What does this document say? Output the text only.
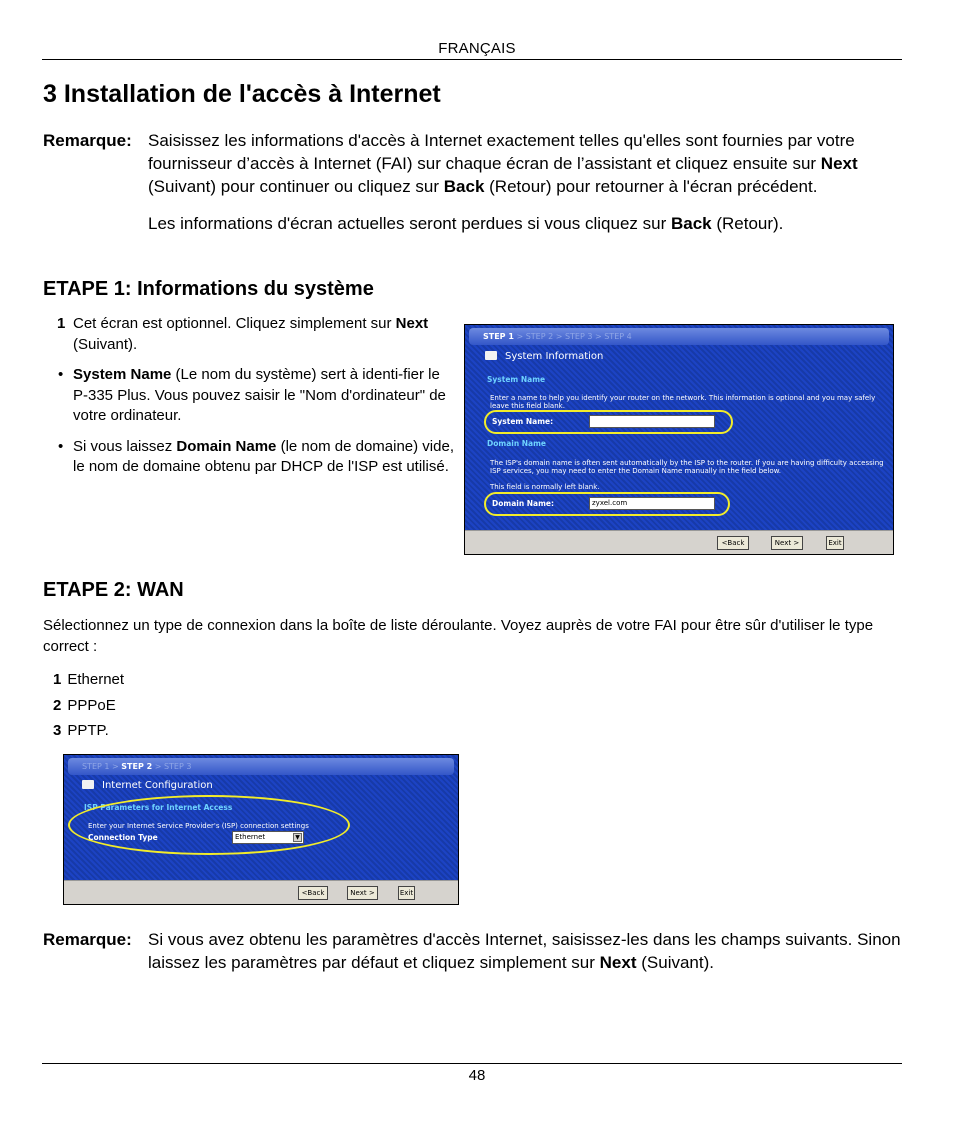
FRANÇAIS
3 Installation de l'accès à Internet
Remarque: Saisissez les informations d'accès à Internet exactement telles qu'elles sont fournies par votre fournisseur d’accès à Internet (FAI) sur chaque écran de l’assistant et cliquez ensuite sur Next (Suivant) pour continuer ou cliquez sur Back (Retour) pour retourner à l'écran précédent.

Les informations d'écran actuelles seront perdues si vous cliquez sur Back (Retour).

ETAPE 1: Informations du système
1 Cet écran est optionnel. Cliquez simplement sur Next (Suivant).
• System Name (Le nom du système) sert à identi-fier le P-335 Plus. Vous pouvez saisir le "Nom d'ordinateur" de votre ordinateur.
• Si vous laissez Domain Name (le nom de domaine) vide, le nom de domaine obtenu par DHCP de l'ISP est utilisé.
STEP 1 > STEP 2 > STEP 3 > STEP 4
System Information
System Name
Enter a name to help you identify your router on the network. This information is optional and you may safely leave this field blank.
System Name:
Domain Name
The ISP's domain name is often sent automatically by the ISP to the router. If you are having difficulty accessing ISP services, you may need to enter the Domain Name manually in the field below.
This field is normally left blank.
Domain Name:	zyxel.com
<Back	Next >	Exit
ETAPE 2: WAN
Sélectionnez un type de connexion dans la boîte de liste déroulante. Voyez auprès de votre FAI pour être sûr d'utiliser le type correct :
1 Ethernet
2 PPPoE
3 PPTP.
STEP 1 > STEP 2 > STEP 3
Internet Configuration
ISP Parameters for Internet Access
Enter your Internet Service Provider's (ISP) connection settings
Connection Type	Ethernet	▼
<Back	Next >	Exit
Remarque: Si vous avez obtenu les paramètres d'accès Internet, saisissez-les dans les champs suivants. Sinon laissez les paramètres par défaut et cliquez simplement sur Next (Suivant).

48
